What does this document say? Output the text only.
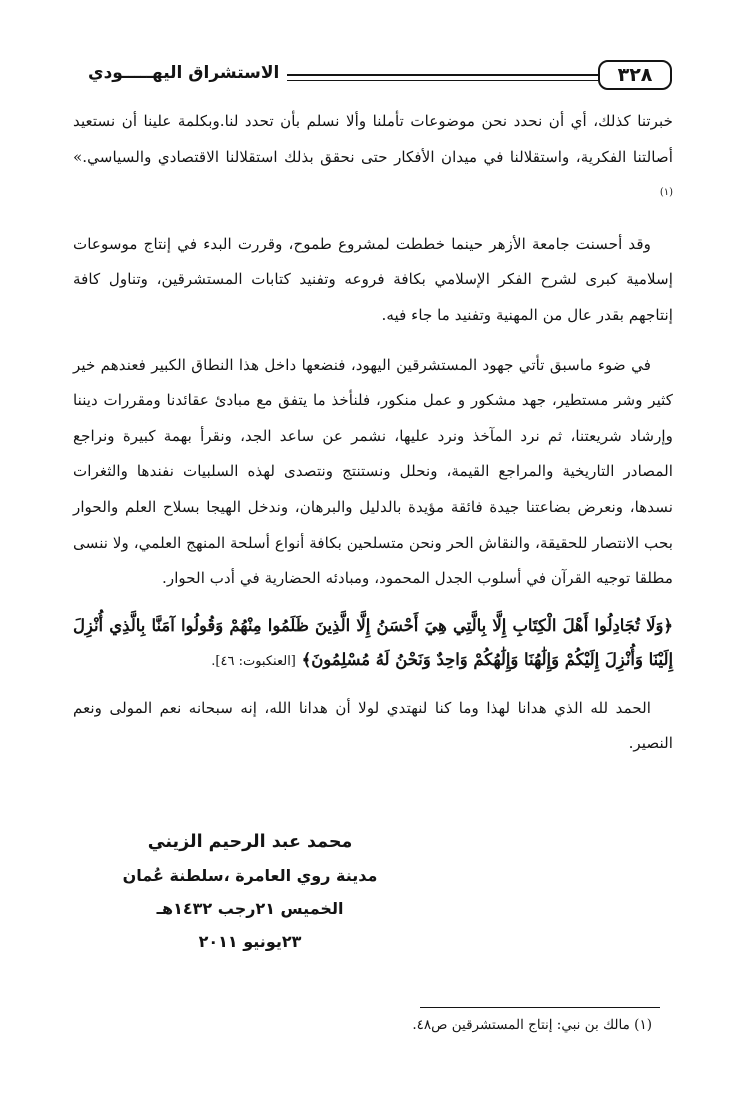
٣٢٨
الاستشراق اليهـــــودي

خبرتنا كذلك، أي أن نحدد نحن موضوعات تأملنا وألا نسلم بأن تحدد لنا.وبكلمة علينا أن نستعيد أصالتنا الفكرية، واستقلالنا في ميدان الأفكار حتى نحقق بذلك استقلالنا الاقتصادي والسياسي.» $^{(١)}$

وقد أحسنت جامعة الأزهر حينما خططت لمشروع طموح، وقررت البدء في إنتاج موسوعات إسلامية كبرى لشرح الفكر الإسلامي بكافة فروعه وتفنيد كتابات المستشرقين، وتناول كافة إنتاجهم بقدر عال من المهنية وتفنيد ما جاء فيه.

في ضوء ماسبق تأتي جهود المستشرقين اليهود، فنضعها داخل هذا النطاق الكبير فعندهم خير كثير وشر مستطير، جهد مشكور و عمل منكور، فلنأخذ ما يتفق مع مبادئ عقائدنا ومقررات ديننا وإرشاد شريعتنا، ثم نرد المآخذ ونرد عليها، نشمر عن ساعد الجد، ونقرأ بهمة كبيرة ونراجع المصادر التاريخية والمراجع القيمة، ونحلل ونستنتج ونتصدى لهذه السلبيات نفندها والثغرات نسدها، ونعرض بضاعتنا جيدة فائقة مؤيدة بالدليل والبرهان، وندخل الهيجا بسلاح العلم والحوار بحب الانتصار للحقيقة، والنقاش الحر ونحن متسلحين بكافة أنواع أسلحة المنهج العلمي، ولا ننسى مطلقا توجيه القرآن في أسلوب الجدل المحمود، ومبادئه الحضارية في أدب الحوار.

﴿وَلَا تُجَادِلُوا أَهْلَ الْكِتَابِ إِلَّا بِالَّتِي هِيَ أَحْسَنُ إِلَّا الَّذِينَ ظَلَمُوا مِنْهُمْ وَقُولُوا آمَنَّا بِالَّذِي أُنْزِلَ إِلَيْنَا وَأُنْزِلَ إِلَيْكُمْ وَإِلَٰهُنَا وَإِلَٰهُكُمْ وَاحِدٌ وَنَحْنُ لَهُ مُسْلِمُونَ﴾ [العنكبوت: ٤٦].

الحمد لله الذي هدانا لهذا وما كنا لنهتدي لولا أن هدانا الله، إنه سبحانه نعم المولى ونعم النصير.

محمد عبد الرحيم الزيني
مدينة روي العامرة ،سلطنة عُمان
الخميس ٢١رجب ١٤٣٢هـ
٢٣يونيو ٢٠١١
(١) مالك بن نبي: إنتاج المستشرقين ص٤٨.
